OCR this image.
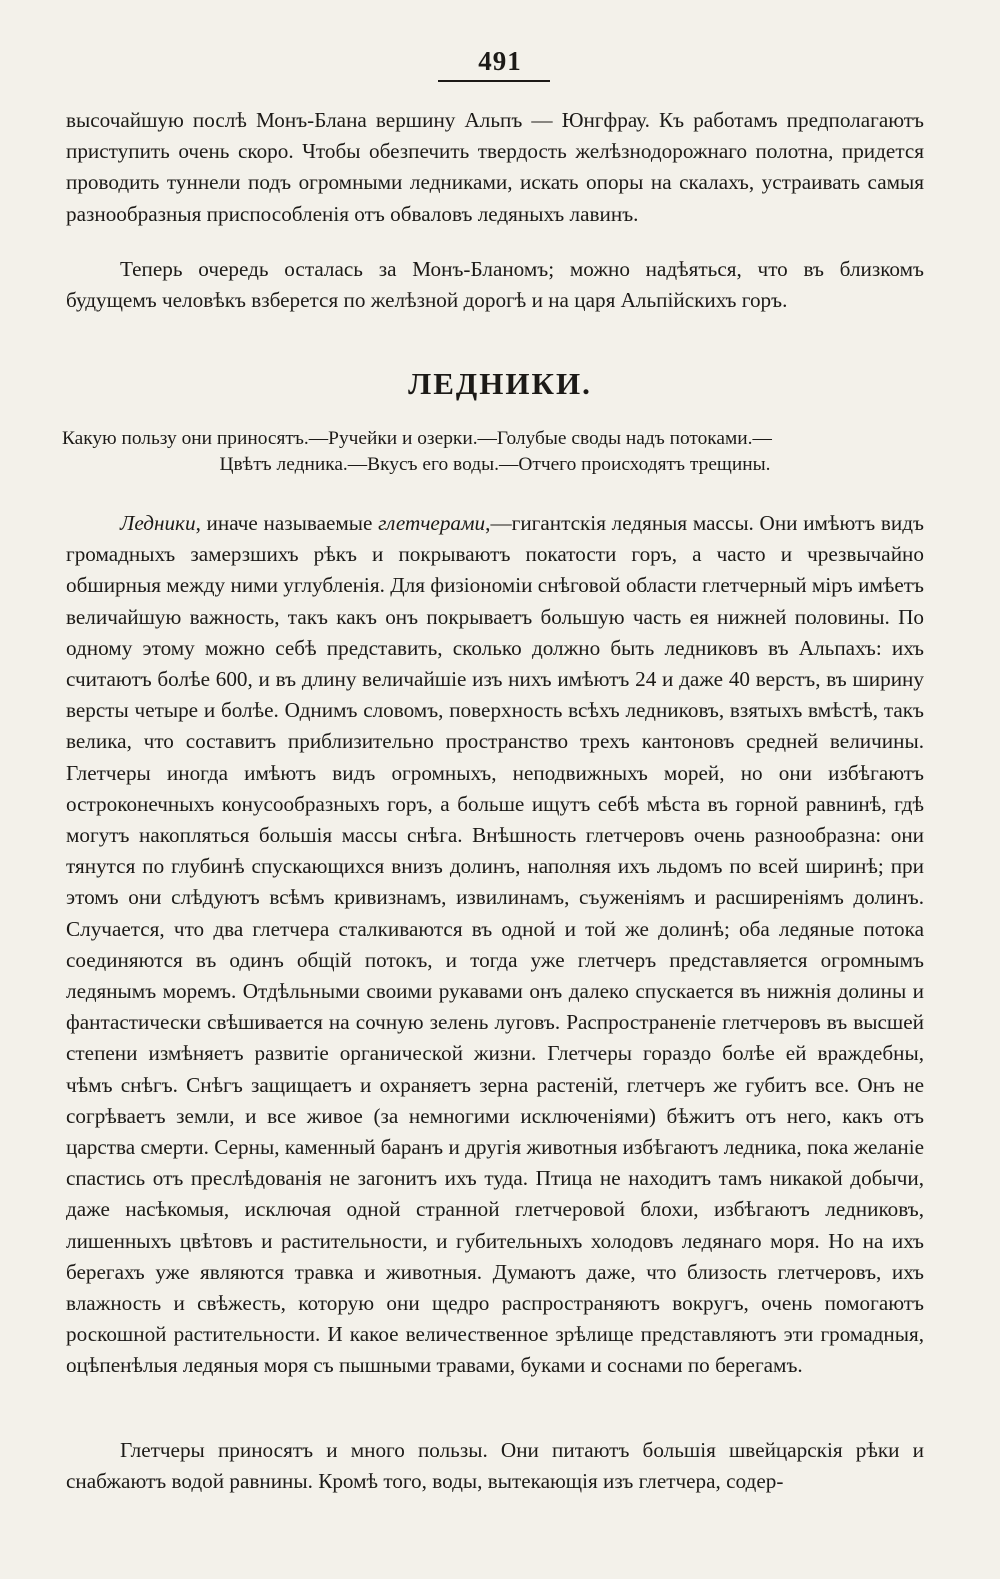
491

высочайшую послѣ Монъ-Блана вершину Альпъ — Юнгфрау. Къ работамъ предполагаютъ приступить очень скоро. Чтобы обезпечить твердость желѣзнодорожнаго полотна, придется проводить туннели подъ огромными ледниками, искать опоры на скалахъ, устраивать самыя разнообразныя приспособленія отъ обваловъ ледяныхъ лавинъ.

Теперь очередь осталась за Монъ-Бланомъ; можно надѣяться, что въ близкомъ будущемъ человѣкъ взберется по желѣзной дорогѣ и на царя Альпійскихъ горъ.

ЛЕДНИКИ.
Какую пользу они приносятъ.—Ручейки и озерки.—Голубые своды надъ потоками.—
Цвѣтъ ледника.—Вкусъ его воды.—Отчего происходятъ трещины.

Ледники, иначе называемые глетчерами,—гигантскія ледяныя массы. Они имѣютъ видъ громадныхъ замерзшихъ рѣкъ и покрываютъ покатости горъ, а часто и чрезвычайно обширныя между ними углубленія. Для физіономіи снѣговой области глетчерный міръ имѣетъ величайшую важность, такъ какъ онъ покрываетъ большую часть ея нижней половины. По одному этому можно себѣ представить, сколько должно быть ледниковъ въ Альпахъ: ихъ считаютъ болѣе 600, и въ длину величайшіе изъ нихъ имѣютъ 24 и даже 40 верстъ, въ ширину версты четыре и болѣе. Однимъ словомъ, поверхность всѣхъ ледниковъ, взятыхъ вмѣстѣ, такъ велика, что составитъ приблизительно пространство трехъ кантоновъ средней величины. Глетчеры иногда имѣютъ видъ огромныхъ, неподвижныхъ морей, но они избѣгаютъ остроконечныхъ конусообразныхъ горъ, а больше ищутъ себѣ мѣста въ горной равнинѣ, гдѣ могутъ накопляться большія массы снѣга. Внѣшность глетчеровъ очень разнообразна: они тянутся по глубинѣ спускающихся внизъ долинъ, наполняя ихъ льдомъ по всей ширинѣ; при этомъ они слѣдуютъ всѣмъ кривизнамъ, извилинамъ, съуженіямъ и расширеніямъ долинъ. Случается, что два глетчера сталкиваются въ одной и той же долинѣ; оба ледяные потока соединяются въ одинъ общій потокъ, и тогда уже глетчеръ представляется огромнымъ ледянымъ моремъ. Отдѣльными своими рукавами онъ далеко спускается въ нижнія долины и фантастически свѣшивается на сочную зелень луговъ. Распространеніе глетчеровъ въ высшей степени измѣняетъ развитіе органической жизни. Глетчеры гораздо болѣе ей враждебны, чѣмъ снѣгъ. Снѣгъ защищаетъ и охраняетъ зерна растеній, глетчеръ же губитъ все. Онъ не согрѣваетъ земли, и все живое (за немногими исключеніями) бѣжитъ отъ него, какъ отъ царства смерти. Серны, каменный баранъ и другія животныя избѣгаютъ ледника, пока желаніе спастись отъ преслѣдованія не загонитъ ихъ туда. Птица не находитъ тамъ никакой добычи, даже насѣкомыя, исключая одной странной глетчеровой блохи, избѣгаютъ ледниковъ, лишенныхъ цвѣтовъ и растительности, и губительныхъ холодовъ ледянаго моря. Но на ихъ берегахъ уже являются травка и животныя. Думаютъ даже, что близость глетчеровъ, ихъ влажность и свѣжесть, которую они щедро распространяютъ вокругъ, очень помогаютъ роскошной растительности. И какое величественное зрѣлище представляютъ эти громадныя, оцѣпенѣлыя ледяныя моря съ пышными травами, буками и соснами по берегамъ.

Глетчеры приносятъ и много пользы. Они питаютъ большія швейцарскія рѣки и снабжаютъ водой равнины. Кромѣ того, воды, вытекающія изъ глетчера, содер-
